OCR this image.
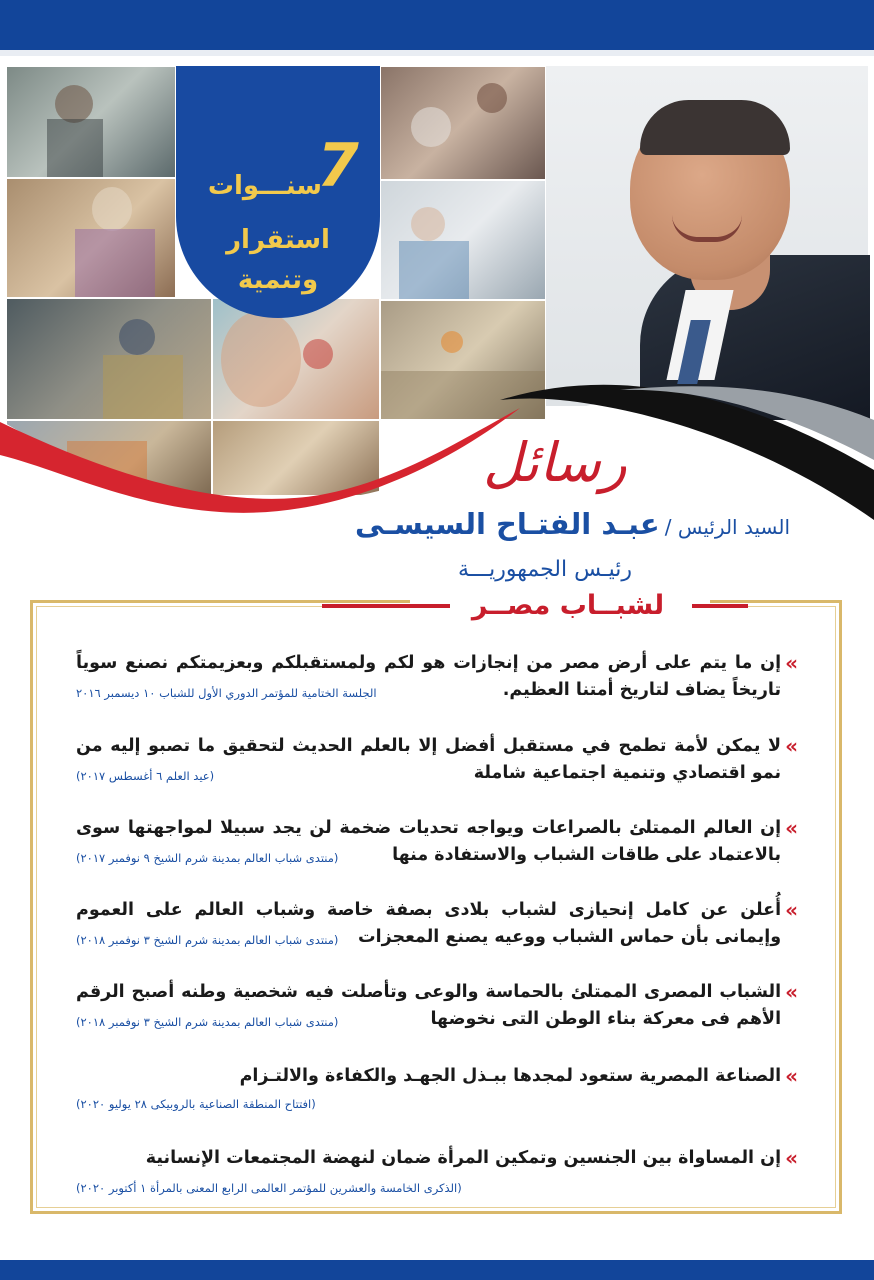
7
سنـــوات
استقرار وتنمية
رسائل
السيد الرئيس / عبـد الفتـاح السيسـى
رئيـس الجمهوريـــة
لشبــاب مصــر
»
إن ما يتم على أرض مصر من إنجازات هو لكم ولمستقبلكم وبعزيمتكم نصنع سوياً تاريخاً يضاف لتاريخ أمتنا العظيم.
الجلسة الختامية للمؤتمر الدوري الأول للشباب ١٠ ديسمبر ٢٠١٦
»
لا يمكن لأمة تطمح في مستقبل أفضل إلا بالعلم الحديث لتحقيق ما تصبو إليه من نمو اقتصادي وتنمية اجتماعية شاملة
(عيد العلم ٦ أغسطس ٢٠١٧)
»
إن العالم الممتلئ بالصراعات ويواجه تحديات ضخمة لن يجد سبيلا لمواجهتها سوى بالاعتماد على طاقات الشباب والاستفادة منها
(منتدى شباب العالم بمدينة شرم الشيخ ٩ نوفمبر ٢٠١٧)
»
أُعلن عن كامل إنحيازى لشباب بلادى بصفة خاصة وشباب العالم على العموم وإيمانى بأن حماس الشباب ووعيه يصنع المعجزات
(منتدى شباب العالم بمدينة شرم الشيخ ٣ نوفمبر ٢٠١٨)
»
الشباب المصرى الممتلئ بالحماسة والوعى وتأصلت فيه شخصية وطنه أصبح الرقم الأهم فى معركة بناء الوطن التى نخوضها
(منتدى شباب العالم بمدينة شرم الشيخ ٣ نوفمبر ٢٠١٨)
»
الصناعة المصرية ستعود لمجدها ببـذل الجهـد والكفاءة والالتـزام
(افتتاح المنطقة الصناعية بالروبيكى ٢٨ يوليو ٢٠٢٠)
»
إن المساواة بين الجنسين وتمكين المرأة ضمان لنهضة المجتمعات الإنسانية
(الذكرى الخامسة والعشرين للمؤتمر العالمى الرابع المعنى بالمرأة ١ أكتوبر ٢٠٢٠)
